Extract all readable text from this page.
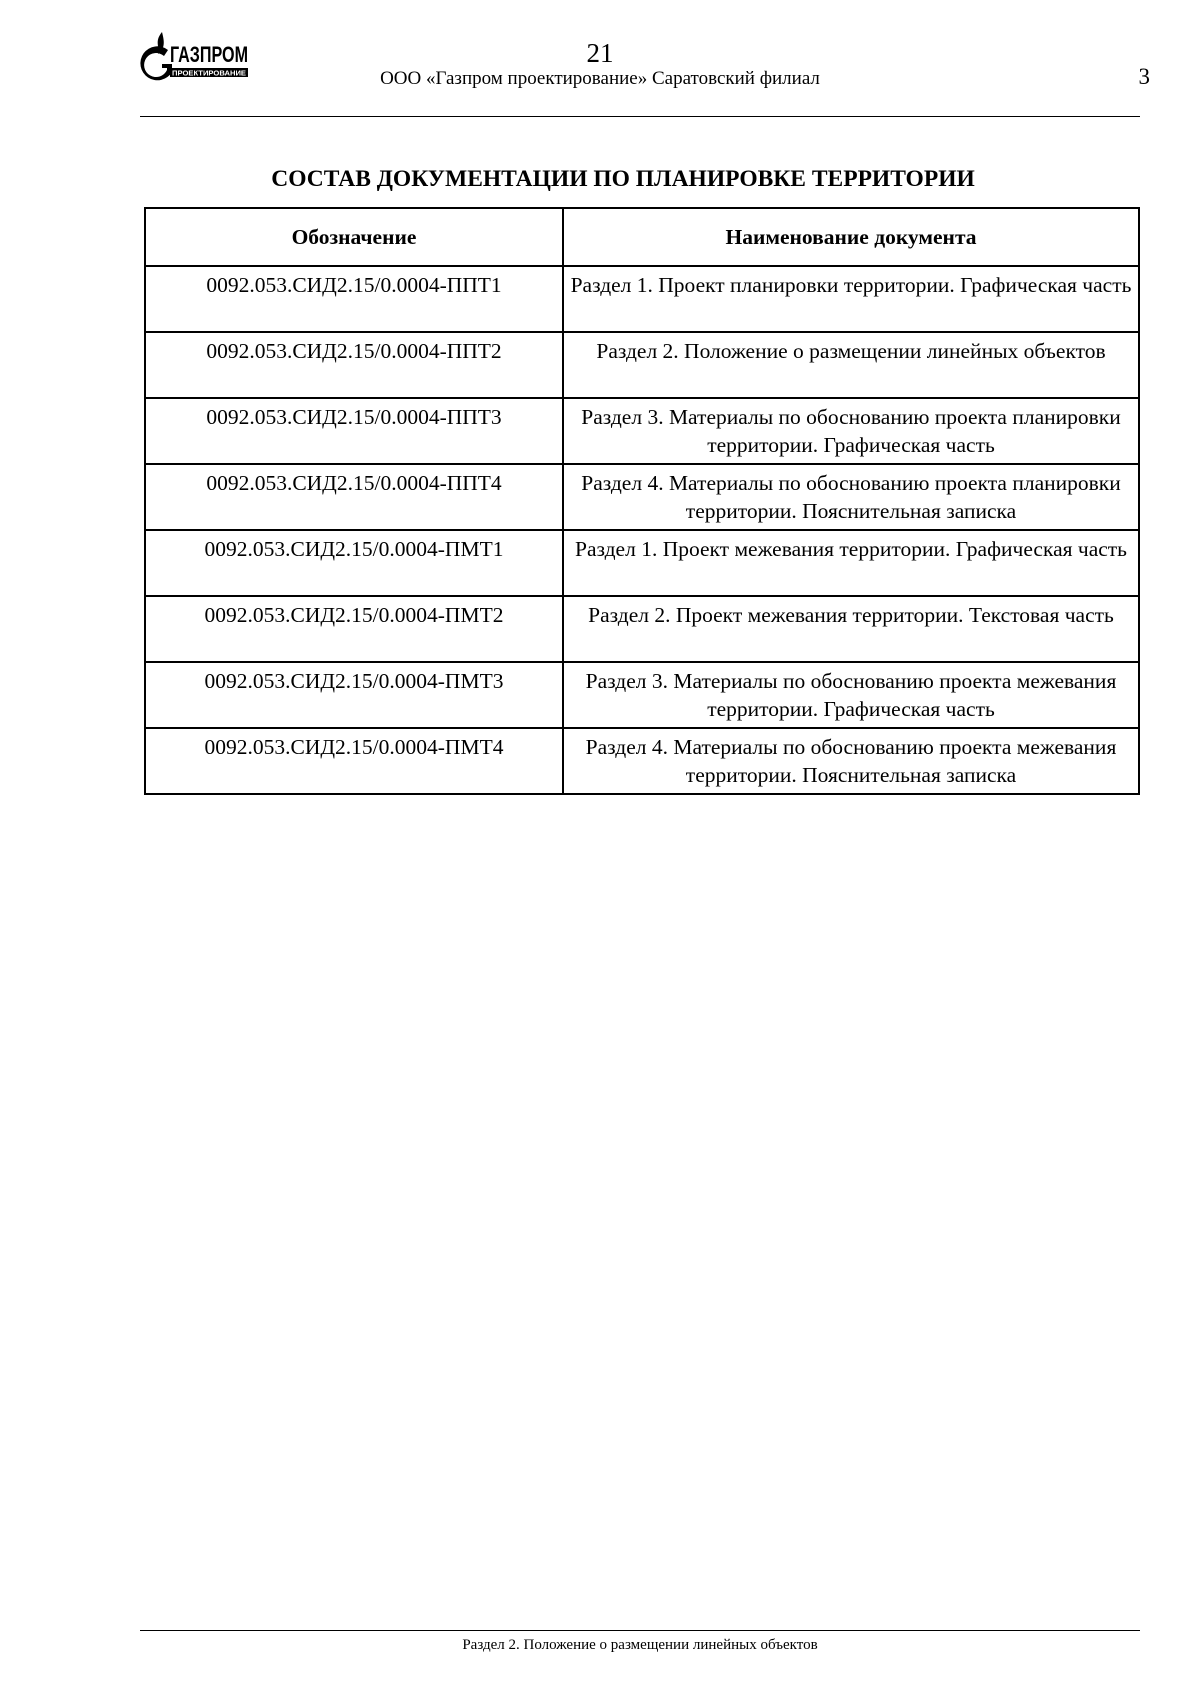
ГАЗПРОМ
ПРОЕКТИРОВАНИЕ
21
ООО «Газпром проектирование» Саратовский филиал	3
СОСТАВ ДОКУМЕНТАЦИИ ПО ПЛАНИРОВКЕ ТЕРРИТОРИИ
Обозначение	Наименование документа
0092.053.СИД2.15/0.0004-ППТ1	Раздел 1. Проект планировки территории. Графическая часть
0092.053.СИД2.15/0.0004-ППТ2	Раздел 2. Положение о размещении линейных объектов
0092.053.СИД2.15/0.0004-ППТ3	Раздел 3. Материалы по обоснованию проекта планировки территории. Графическая часть
0092.053.СИД2.15/0.0004-ППТ4	Раздел 4. Материалы по обоснованию проекта планировки территории. Пояснительная записка
0092.053.СИД2.15/0.0004-ПМТ1	Раздел 1. Проект межевания территории. Графическая часть
0092.053.СИД2.15/0.0004-ПМТ2	Раздел 2. Проект межевания территории. Текстовая часть
0092.053.СИД2.15/0.0004-ПМТ3	Раздел 3. Материалы по обоснованию проекта межевания территории. Графическая часть
0092.053.СИД2.15/0.0004-ПМТ4	Раздел 4. Материалы по обоснованию проекта межевания территории. Пояснительная записка
Раздел 2. Положение о размещении линейных объектов
